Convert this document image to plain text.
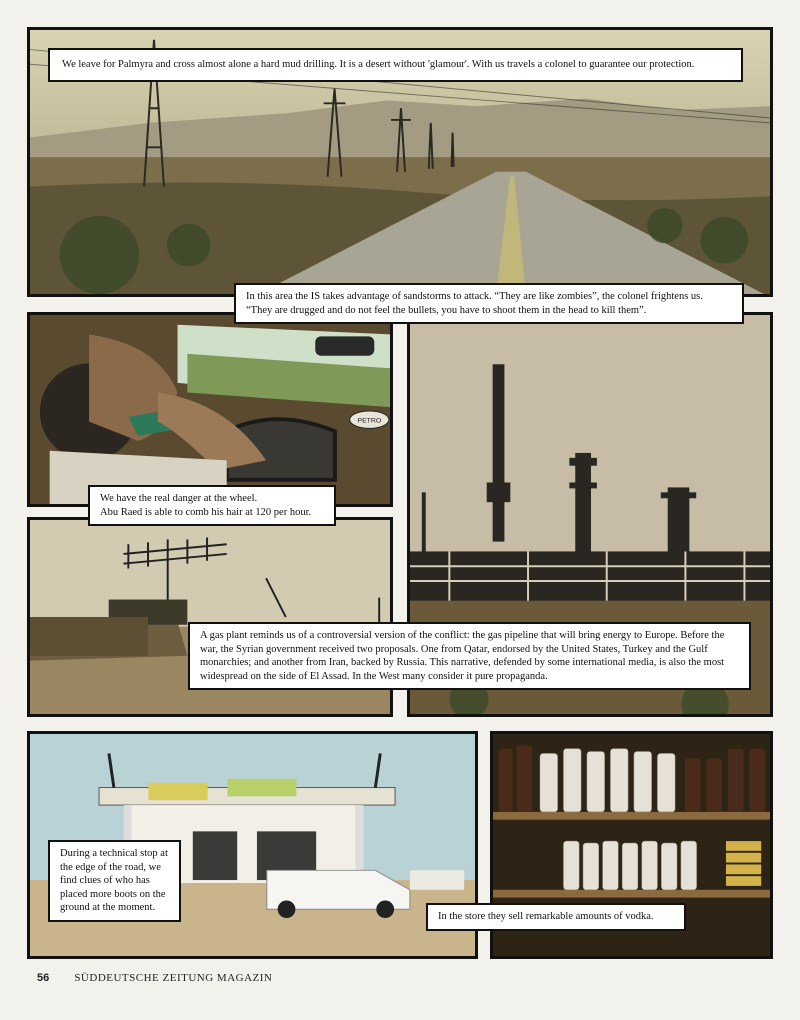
PETRO
We leave for Palmyra and cross almost alone a hard mud drilling. It is a desert without 'glamour'. With us travels a colonel to guarantee our protection.
In this area the IS takes advantage of sandstorms to attack. “They are like zombies”, the colonel frightens us.
“They are drugged and do not feel the bullets, you have to shoot them in the head to kill them”.
We have the real danger at the wheel.
Abu Raed is able to comb his hair at 120 per hour.
A gas plant reminds us of a controversial version of the conflict: the gas pipeline that will bring energy to Europe. Before the war, the Syrian government received two proposals. One from Qatar, endorsed by the United States, Turkey and the Gulf monarchies; and another from Iran, backed by Russia. This narrative, defended by some international media, is also the most widespread on the side of El Assad. In the West many consider it pure propaganda.
During a technical stop at the edge of the road, we find clues of who has placed more boots on the ground at the moment.
In the store they sell remarkable amounts of vodka.
56 SÜDDEUTSCHE ZEITUNG MAGAZIN
